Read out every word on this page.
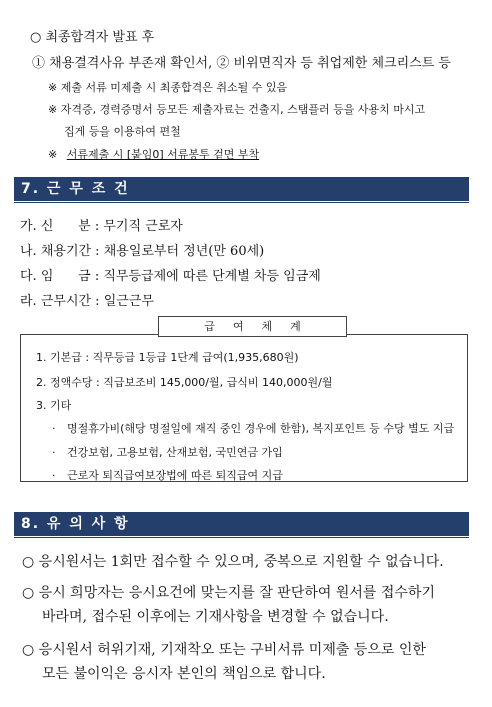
○ 최종합격자 발표 후
① 채용결격사유 부존재 확인서, ② 비위면직자 등 취업제한 체크리스트 등
※ 제출 서류 미제출 시 최종합격은 취소될 수 있음
※ 자격증, 경력증명서 등모든 제출자료는 건출지, 스탬플러 등을 사용치 마시고
집게 등을 이용하여 편철
※ 서류제출 시 [붙임0] 서류봉투 겉면 부착
7. 근 무 조 건
가. 신      분 : 무기직 근로자
나. 채용기간 : 채용일로부터 정년(만 60세)
다. 임      금 : 직무등급제에 따른 단계별 차등 임금제
라. 근무시간 : 일근근무
급여체계
1. 기본급 : 직무등급 1등급 1단계 급여(1,935,680원)
2. 정액수당 : 직급보조비 145,000/월, 급식비 140,000원/월
3. 기타
· 명절휴가비(해당 명절일에 재직 중인 경우에 한함), 복지포인트 등 수당 별도 지급
· 건강보험, 고용보험, 산재보험, 국민연금 가입
· 근로자 퇴직급여보장법에 따른 퇴직급여 지급
8. 유 의 사 항
○ 응시원서는 1회만 접수할 수 있으며, 중복으로 지원할 수 없습니다.
○ 응시 희망자는 응시요건에 맞는지를 잘 판단하여 원서를 접수하기
바라며, 접수된 이후에는 기재사항을 변경할 수 없습니다.
○ 응시원서 허위기재, 기재착오 또는 구비서류 미제출 등으로 인한
모든 불이익은 응시자 본인의 책임으로 합니다.
